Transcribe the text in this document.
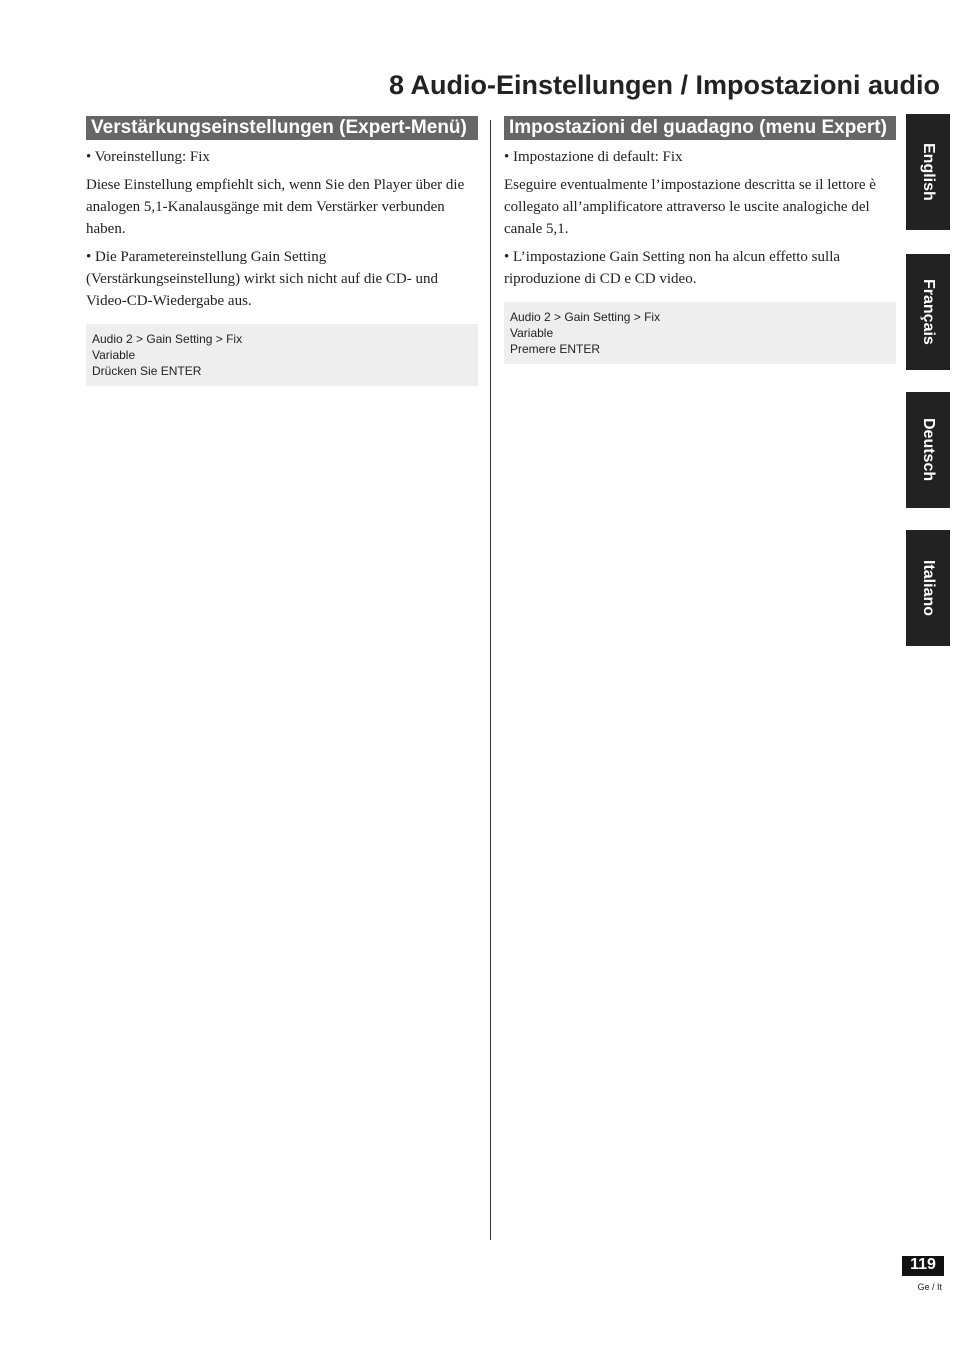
8 Audio-Einstellungen / Impostazioni audio
Verstärkungseinstellungen (Expert-Menü)
• Voreinstellung: Fix
Diese Einstellung empfiehlt sich, wenn Sie den Player über die analogen 5,1-Kanalausgänge mit dem Verstärker verbunden haben.
• Die Parametereinstellung Gain Setting (Verstärkungseinstellung) wirkt sich nicht auf die CD- und Video-CD-Wiedergabe aus.
Audio 2 > Gain Setting > Fix
Variable
Drücken Sie ENTER
Impostazioni del guadagno (menu Expert)
• Impostazione di default: Fix
Eseguire eventualmente l’impostazione descritta se il lettore è collegato all’amplificatore attraverso le uscite analogiche del canale 5,1.
• L’impostazione Gain Setting non ha alcun effetto sulla riproduzione di CD e CD video.
Audio 2 > Gain Setting > Fix
Variable
Premere ENTER
English
Français
Deutsch
Italiano
119
Ge / It
